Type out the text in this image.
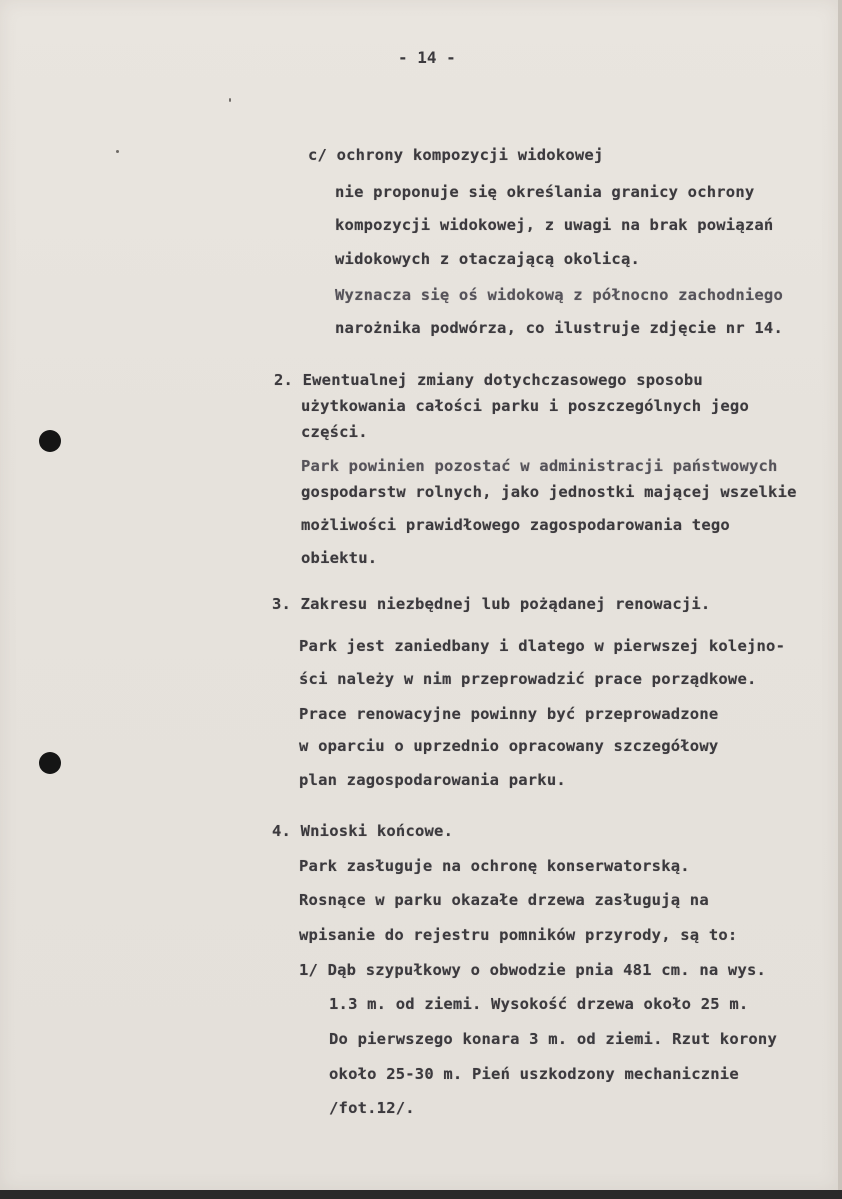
- 14 -
c/ ochrony kompozycji widokowej
nie proponuje się określania granicy ochrony
kompozycji widokowej, z uwagi na brak powiązań
widokowych z otaczającą okolicą.
Wyznacza się oś widokową z północno zachodniego
narożnika podwórza, co ilustruje zdjęcie nr 14.
2. Ewentualnej zmiany dotychczasowego sposobu
użytkowania całości parku i poszczególnych jego
części.
Park powinien pozostać w administracji państwowych
gospodarstw rolnych, jako jednostki mającej wszelkie
możliwości prawidłowego zagospodarowania tego
obiektu.
3. Zakresu niezbędnej lub pożądanej renowacji.
Park jest zaniedbany i dlatego w pierwszej kolejno-
ści należy w nim przeprowadzić prace porządkowe.
Prace renowacyjne powinny być przeprowadzone
w oparciu o uprzednio opracowany szczegółowy
plan zagospodarowania parku.
4. Wnioski końcowe.
Park zasługuje na ochronę konserwatorską.
Rosnące w parku okazałe drzewa zasługują na
wpisanie do rejestru pomników przyrody, są to:
1/ Dąb szypułkowy o obwodzie pnia 481 cm. na wys.
1.3 m. od ziemi. Wysokość drzewa około 25 m.
Do pierwszego konara 3 m. od ziemi. Rzut korony
około 25-30 m. Pień uszkodzony mechanicznie
/fot.12/.
